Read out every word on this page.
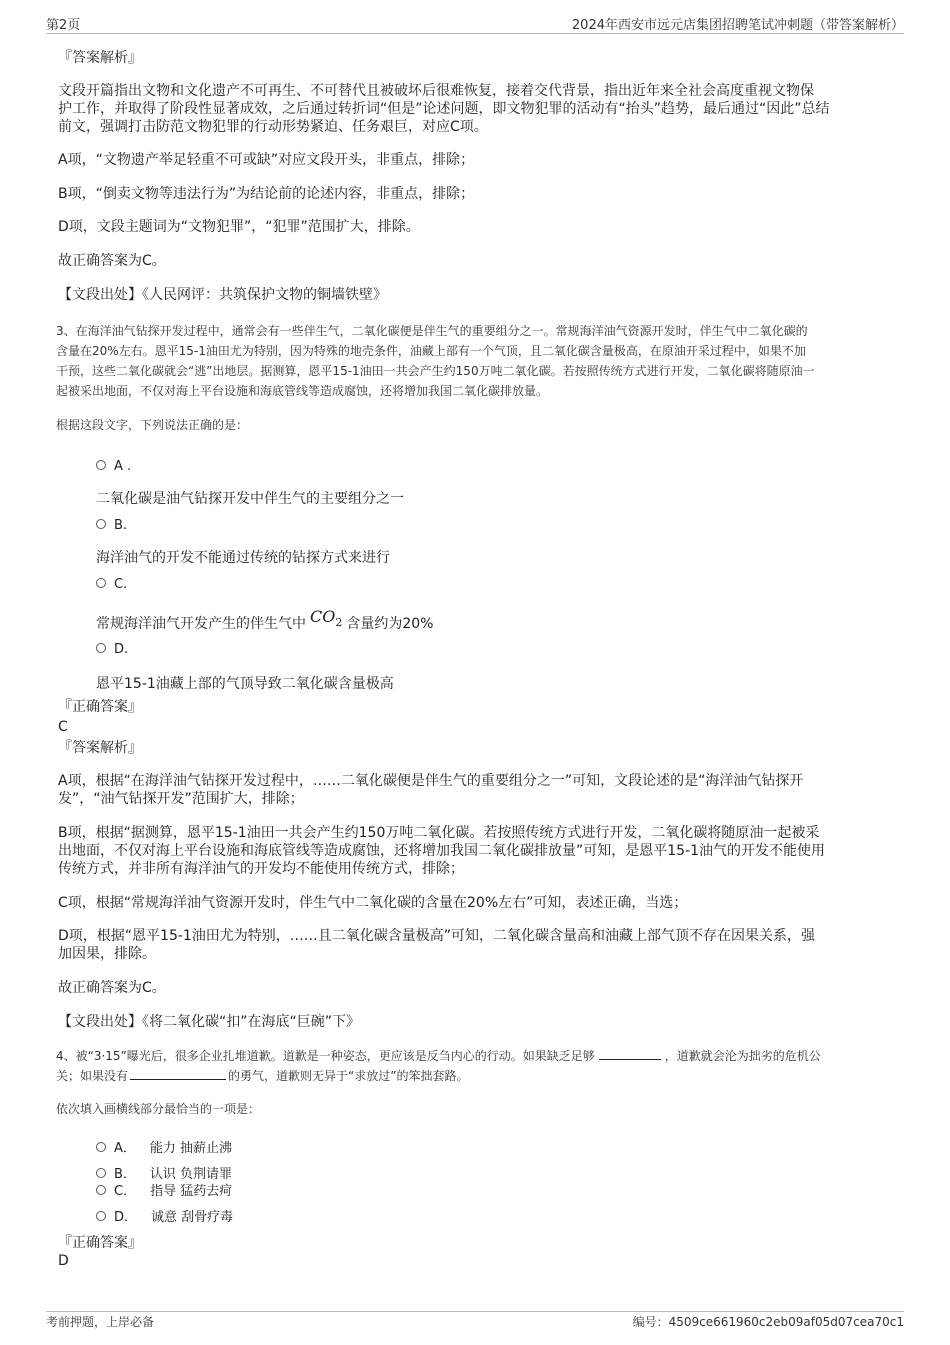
第2页	2024年西安市远元店集团招聘笔试冲刺题（带答案解析）
『答案解析』
文段开篇指出文物和文化遗产不可再生、不可替代且被破坏后很难恢复，接着交代背景，指出近年来全社会高度重视文物保
护工作，并取得了阶段性显著成效，之后通过转折词“但是”论述问题，即文物犯罪的活动有“抬头”趋势，最后通过“因此”总结
前文，强调打击防范文物犯罪的行动形势紧迫、任务艰巨，对应C项。
A项，“文物遗产举足轻重不可或缺”对应文段开头，非重点，排除；
B项，“倒卖文物等违法行为”为结论前的论述内容，非重点，排除；
D项，文段主题词为“文物犯罪”，“犯罪”范围扩大，排除。
故正确答案为C。
【文段出处】《人民网评：共筑保护文物的铜墙铁壁》
3、在海洋油气钻探开发过程中，通常会有一些伴生气，二氧化碳便是伴生气的重要组分之一。常规海洋油气资源开发时，伴生气中二氧化碳的
含量在20%左右。恩平15-1油田尤为特别，因为特殊的地壳条件，油藏上部有一个气顶，且二氧化碳含量极高，在原油开采过程中，如果不加
干预，这些二氧化碳就会“逃”出地层。据测算，恩平15-1油田一共会产生约150万吨二氧化碳。若按照传统方式进行开发，二氧化碳将随原油一
起被采出地面，不仅对海上平台设施和海底管线等造成腐蚀，还将增加我国二氧化碳排放量。
根据这段文字，下列说法正确的是：
A .
二氧化碳是油气钻探开发中伴生气的主要组分之一
B.
海洋油气的开发不能通过传统的钻探方式来进行
C.
常规海洋油气开发产生的伴生气中 $CO_2$ 含量约为20%
D.
恩平15-1油藏上部的气顶导致二氧化碳含量极高
『正确答案』
C
『答案解析』
A项，根据“在海洋油气钻探开发过程中，……二氧化碳便是伴生气的重要组分之一”可知，文段论述的是“海洋油气钻探开
发”，“油气钻探开发”范围扩大，排除；
B项，根据“据测算，恩平15-1油田一共会产生约150万吨二氧化碳。若按照传统方式进行开发，二氧化碳将随原油一起被采
出地面，不仅对海上平台设施和海底管线等造成腐蚀，还将增加我国二氧化碳排放量”可知，是恩平15-1油气的开发不能使用
传统方式，并非所有海洋油气的开发均不能使用传统方式，排除；
C项，根据“常规海洋油气资源开发时，伴生气中二氧化碳的含量在20%左右”可知，表述正确，当选；
D项，根据“恩平15-1油田尤为特别，……且二氧化碳含量极高”可知，二氧化碳含量高和油藏上部气顶不存在因果关系，强
加因果，排除。
故正确答案为C。
【文段出处】《将二氧化碳“扣”在海底“巨碗”下》
4、被“3·15”曝光后，很多企业扎堆道歉。道歉是一种姿态，更应该是反刍内心的行动。如果缺乏足够	，道歉就会沦为拙劣的危机公
关；如果没有	的勇气，道歉则无异于“求放过”的笨拙套路。
依次填入画横线部分最恰当的一项是：
A． 能力 抽薪止沸
B． 认识 负荆请罪
C． 指导 猛药去疴
D． 诚意 刮骨疗毒
『正确答案』
D
考前押题，上岸必备	编号：4509ce661960c2eb09af05d07cea70c1
